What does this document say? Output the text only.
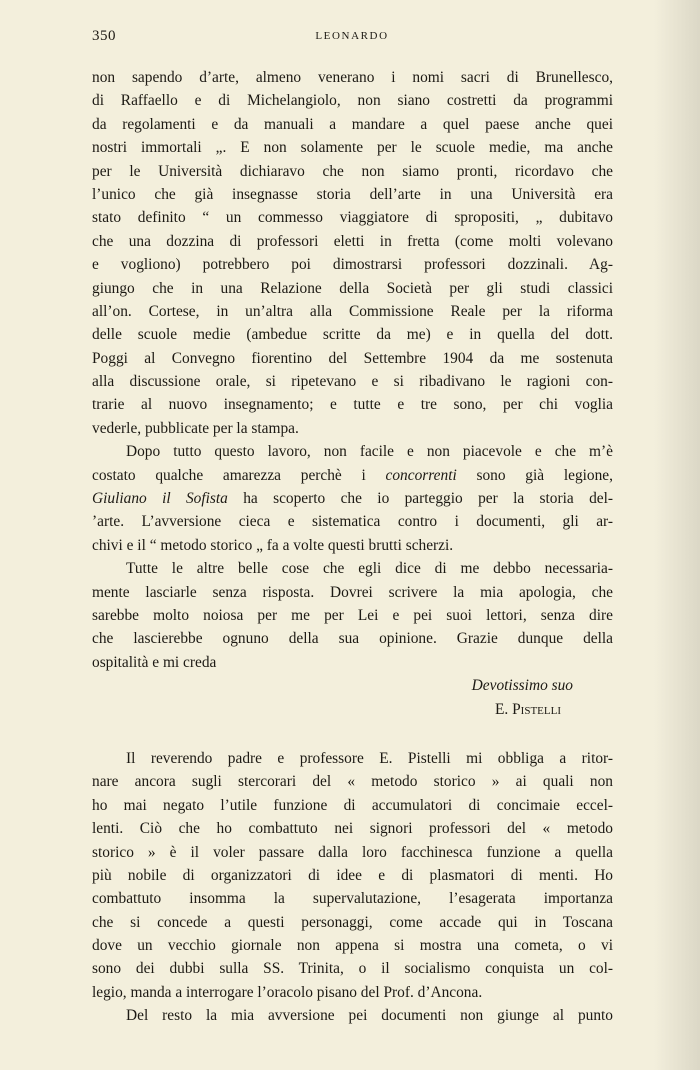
350	LEONARDO
non sapendo d’arte, almeno venerano i nomi sacri di Brunellesco,
di Raffaello e di Michelangiolo, non siano costretti da programmi
da regolamenti e da manuali a mandare a quel paese anche quei
nostri immortali „. E non solamente per le scuole medie, ma anche
per le Università dichiaravo che non siamo pronti, ricordavo che
l’unico che già insegnasse storia dell’arte in una Università era
stato definito “ un commesso viaggiatore di spropositi, „ dubitavo
che una dozzina di professori eletti in fretta (come molti volevano
e vogliono) potrebbero poi dimostrarsi professori dozzinali. Ag-
giungo che in una Relazione della Società per gli studi classici
all’on. Cortese, in un’altra alla Commissione Reale per la riforma
delle scuole medie (ambedue scritte da me) e in quella del dott.
Poggi al Convegno fiorentino del Settembre 1904 da me sostenuta
alla discussione orale, si ripetevano e si ribadivano le ragioni con-
trarie al nuovo insegnamento; e tutte e tre sono, per chi voglia
vederle, pubblicate per la stampa.
Dopo tutto questo lavoro, non facile e non piacevole e che m’è
costato qualche amarezza perchè i concorrenti sono già legione,
Giuliano il Sofista ha scoperto che io parteggio per la storia del-
’arte. L’avversione cieca e sistematica contro i documenti, gli ar-
chivi e il “ metodo storico „ fa a volte questi brutti scherzi.
Tutte le altre belle cose che egli dice di me debbo necessaria-
mente lasciarle senza risposta. Dovrei scrivere la mia apologia, che
sarebbe molto noiosa per me per Lei e pei suoi lettori, senza dire
che lascierebbe ognuno della sua opinione. Grazie dunque della
ospitalità e mi creda
Devotissimo suo
E. Pistelli
Il reverendo padre e professore E. Pistelli mi obbliga a ritor-
nare ancora sugli stercorari del « metodo storico » ai quali non
ho mai negato l’utile funzione di accumulatori di concimaie eccel-
lenti. Ciò che ho combattuto nei signori professori del « metodo
storico » è il voler passare dalla loro facchinesca funzione a quella
più nobile di organizzatori di idee e di plasmatori di menti. Ho
combattuto insomma la supervalutazione, l’esagerata importanza
che si concede a questi personaggi, come accade qui in Toscana
dove un vecchio giornale non appena si mostra una cometa, o vi
sono dei dubbi sulla SS. Trinita, o il socialismo conquista un col-
legio, manda a interrogare l’oracolo pisano del Prof. d’Ancona.
Del resto la mia avversione pei documenti non giunge al punto
